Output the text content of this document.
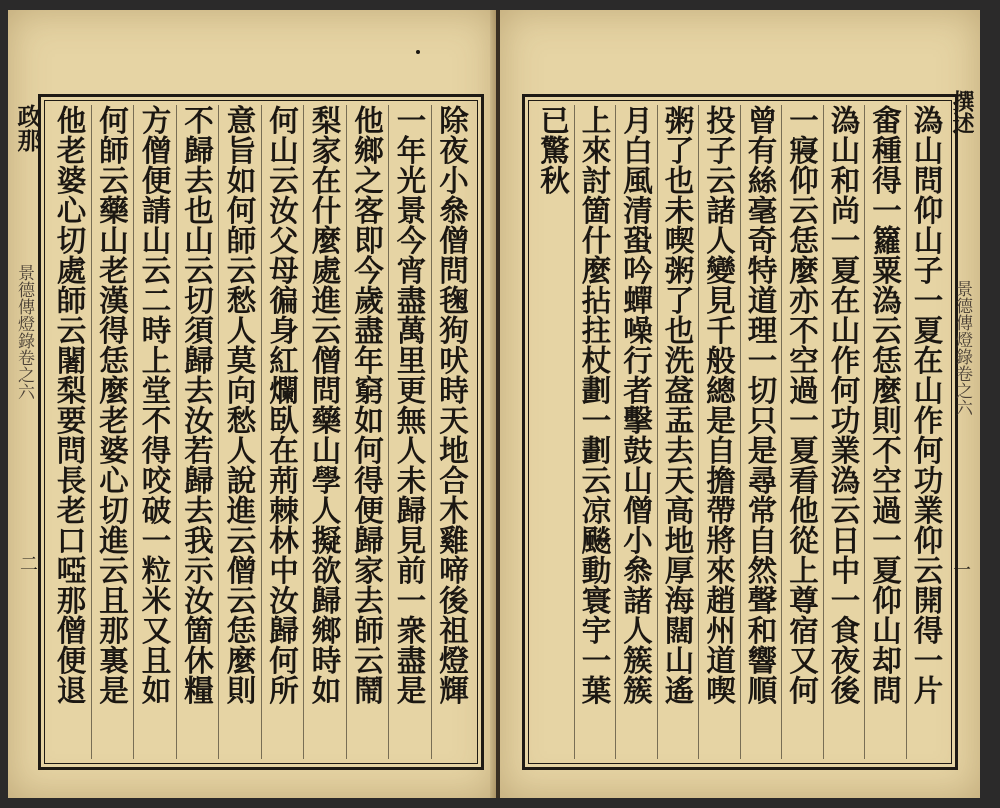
政那
景德傳燈錄卷之六
二	除夜小叅僧問毱狗吠時天地合木雞啼後祖燈輝
一年光景今宵盡萬里更無人未歸見前一衆盡是
他鄉之客即今歲盡年窮如何得便歸家去師云鬧
梨家在什麼處進云僧問藥山學人擬欲歸鄉時如
何山云汝父母徧身紅爛臥在荊棘林中汝歸何所
意旨如何師云愁人莫向愁人說進云僧云恁麼則
不歸去也山云切須歸去汝若歸去我示汝箇休糧
方僧便請山云二時上堂不得咬破一粒米又且如
何師云藥山老漢得恁麼老婆心切進云且那裏是
他老婆心切處師云闍梨要問長老口啞那僧便退	溈山問仰山子一夏在山作何功業仰云開得一片
畬種得一籮粟溈云恁麼則不空過一夏仰山却問
溈山和尚一夏在山作何功業溈云日中一食夜後
一寢仰云恁麼亦不空過一夏看他從上尊宿又何
曾有絲毫奇特道理一切只是尋常自然聲和響順
投子云諸人變見千般總是自擔帶將來趙州道喫
粥了也未喫粥了也洗盋盂去天高地厚海闊山遙
月白風清蛩吟蟬噪行者擊鼓山僧小叅諸人簇簇
上來討箇什麼拈拄杖劃一劃云凉飈動寰宇一葉
已驚秋	撰述
景德傳燈錄卷之六
一
